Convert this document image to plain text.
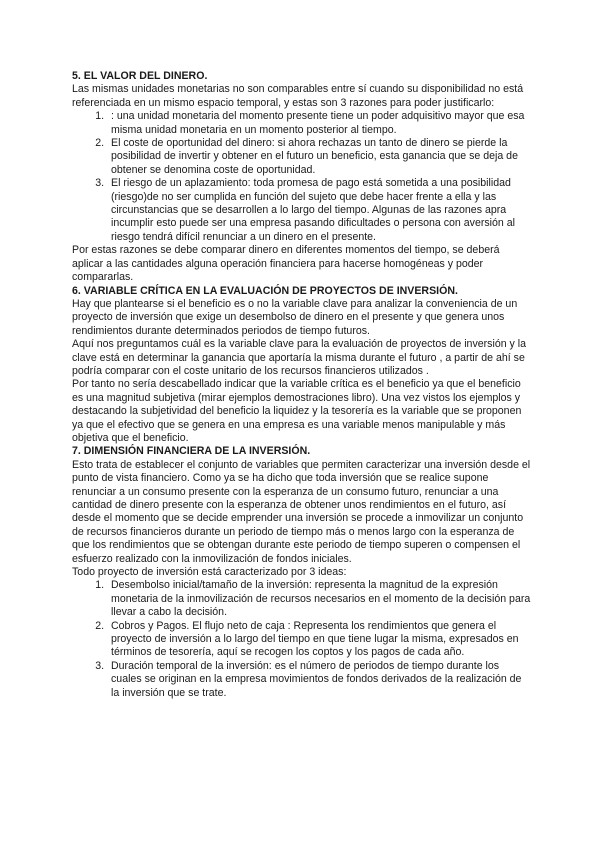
5. EL VALOR DEL DINERO.

Las mismas unidades monetarias no son comparables entre sí cuando su disponibilidad no está referenciada en un mismo espacio temporal, y estas son 3 razones para poder justificarlo:

1. : una unidad monetaria del momento presente tiene un poder adquisitivo mayor que esa misma unidad monetaria en un momento posterior al tiempo.
2. El coste de oportunidad del dinero: si ahora rechazas un tanto de dinero se pierde la posibilidad de invertir y obtener en el futuro un beneficio, esta ganancia que se deja de obtener se denomina coste de oportunidad.
3. El riesgo de un aplazamiento: toda promesa de pago está sometida a una posibilidad (riesgo)de no ser cumplida en función del sujeto que debe hacer frente a ella y las circunstancias que se desarrollen a lo largo del tiempo. Algunas de las razones apra incumplir esto puede ser una empresa pasando dificultades o persona con aversión al riesgo tendrá difícil renunciar a un dinero en el presente.

Por estas razones se debe comparar dinero en diferentes momentos del tiempo, se deberá aplicar a las cantidades alguna operación financiera para hacerse homogéneas y poder compararlas.

6. VARIABLE CRÍTICA EN LA EVALUACIÓN DE PROYECTOS DE INVERSIÓN.

Hay que plantearse si el beneficio es o no la variable clave para analizar la conveniencia de un proyecto de inversión que exige un desembolso de dinero en el presente y que genera unos rendimientos durante determinados periodos de tiempo futuros.

Aquí nos preguntamos cuál es la variable clave para la evaluación de proyectos de inversión y la clave está en determinar la ganancia que aportaría la misma durante el futuro , a partir de ahí se podría comparar con el coste unitario de los recursos financieros utilizados .

Por tanto no sería descabellado indicar que la variable crítica es el beneficio ya que el beneficio es una magnitud subjetiva (mirar ejemplos demostraciones libro). Una vez vistos los ejemplos y destacando la subjetividad del beneficio la liquidez y la tesorería es la variable que se proponen ya que el efectivo que se genera en una empresa es una variable menos manipulable y más objetiva que el beneficio.

7. DIMENSIÓN FINANCIERA DE LA INVERSIÓN.

Esto trata de establecer el conjunto de variables que permiten caracterizar una inversión desde el punto de vista financiero. Como ya se ha dicho que toda inversión que se realice supone renunciar a un consumo presente con la esperanza de un consumo futuro, renunciar a una cantidad de dinero presente con la esperanza de obtener unos rendimientos en el futuro, así desde el momento que se decide emprender una inversión se procede a inmovilizar un conjunto de recursos financieros durante un periodo de tiempo más o menos largo con la esperanza de que los rendimientos que se obtengan durante este periodo de tiempo superen o compensen el esfuerzo realizado con la inmovilización de fondos iniciales.

Todo proyecto de inversión está caracterizado por 3 ideas:

1. Desembolso inicial/tamaño de la inversión: representa la magnitud de la expresión monetaria de la inmovilización de recursos necesarios en el momento de la decisión para llevar a cabo la decisión.
2. Cobros y Pagos. El flujo neto de caja : Representa los rendimientos que genera el proyecto de inversión a lo largo del tiempo en que tiene lugar la misma, expresados en términos de tesorería, aquí se recogen los coptos y los pagos de cada año.
3. Duración temporal de la inversión: es el número de periodos de tiempo durante los cuales se originan en la empresa movimientos de fondos derivados de la realización de la inversión que se trate.
